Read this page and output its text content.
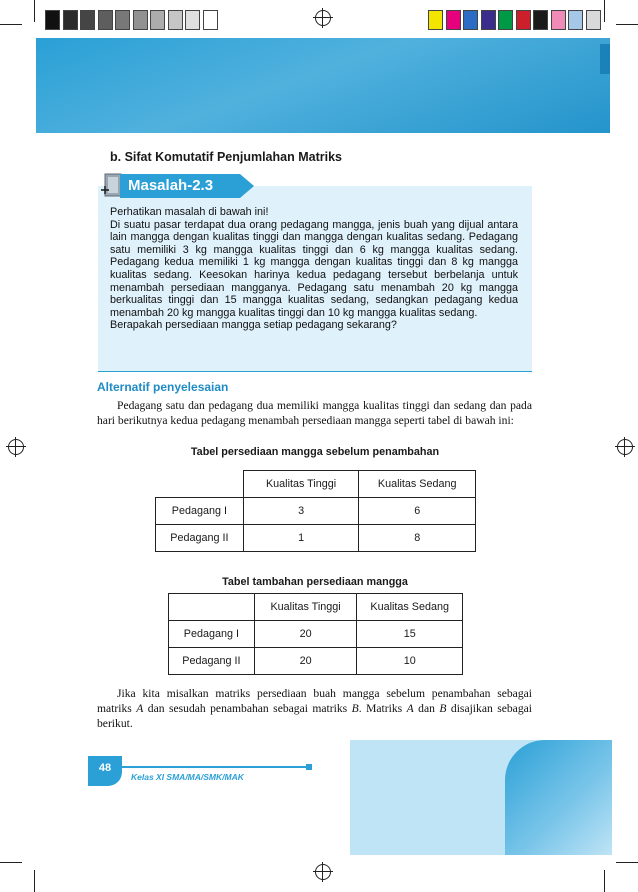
b. Sifat Komutatif Penjumlahan Matriks
Masalah-2.3

Perhatikan masalah di bawah ini!

Di suatu pasar terdapat dua orang pedagang mangga, jenis buah yang dijual antara lain mangga dengan kualitas tinggi dan mangga dengan kualitas sedang. Pedagang satu memiliki 3 kg mangga kualitas tinggi dan 6 kg mangga kualitas sedang. Pedagang kedua memiliki 1 kg mangga dengan kualitas tinggi dan 8 kg mangga kualitas sedang. Keesokan harinya kedua pedagang tersebut berbelanja untuk menambah persediaan mangganya. Pedagang satu menambah 20 kg mangga berkualitas tinggi dan 15 mangga kualitas sedang, sedangkan pedagang kedua menambah 20 kg mangga kualitas tinggi dan 10 kg mangga kualitas sedang.

Berapakah persediaan mangga setiap pedagang sekarang?

Alternatif penyelesaian
Pedagang satu dan pedagang dua memiliki mangga kualitas tinggi dan sedang dan pada hari berikutnya kedua pedagang menambah persediaan mangga seperti tabel di bawah ini:
Tabel persediaan mangga sebelum penambahan
	Kualitas Tinggi	Kualitas Sedang
Pedagang I	3	6
Pedagang II	1	8
Tabel tambahan persediaan mangga
	Kualitas Tinggi	Kualitas Sedang
Pedagang I	20	15
Pedagang II	20	10
Jika kita misalkan matriks persediaan buah mangga sebelum penambahan sebagai matriks A dan sesudah penambahan sebagai matriks B. Matriks A dan B disajikan sebagai berikut.
48
Kelas XI SMA/MA/SMK/MAK
